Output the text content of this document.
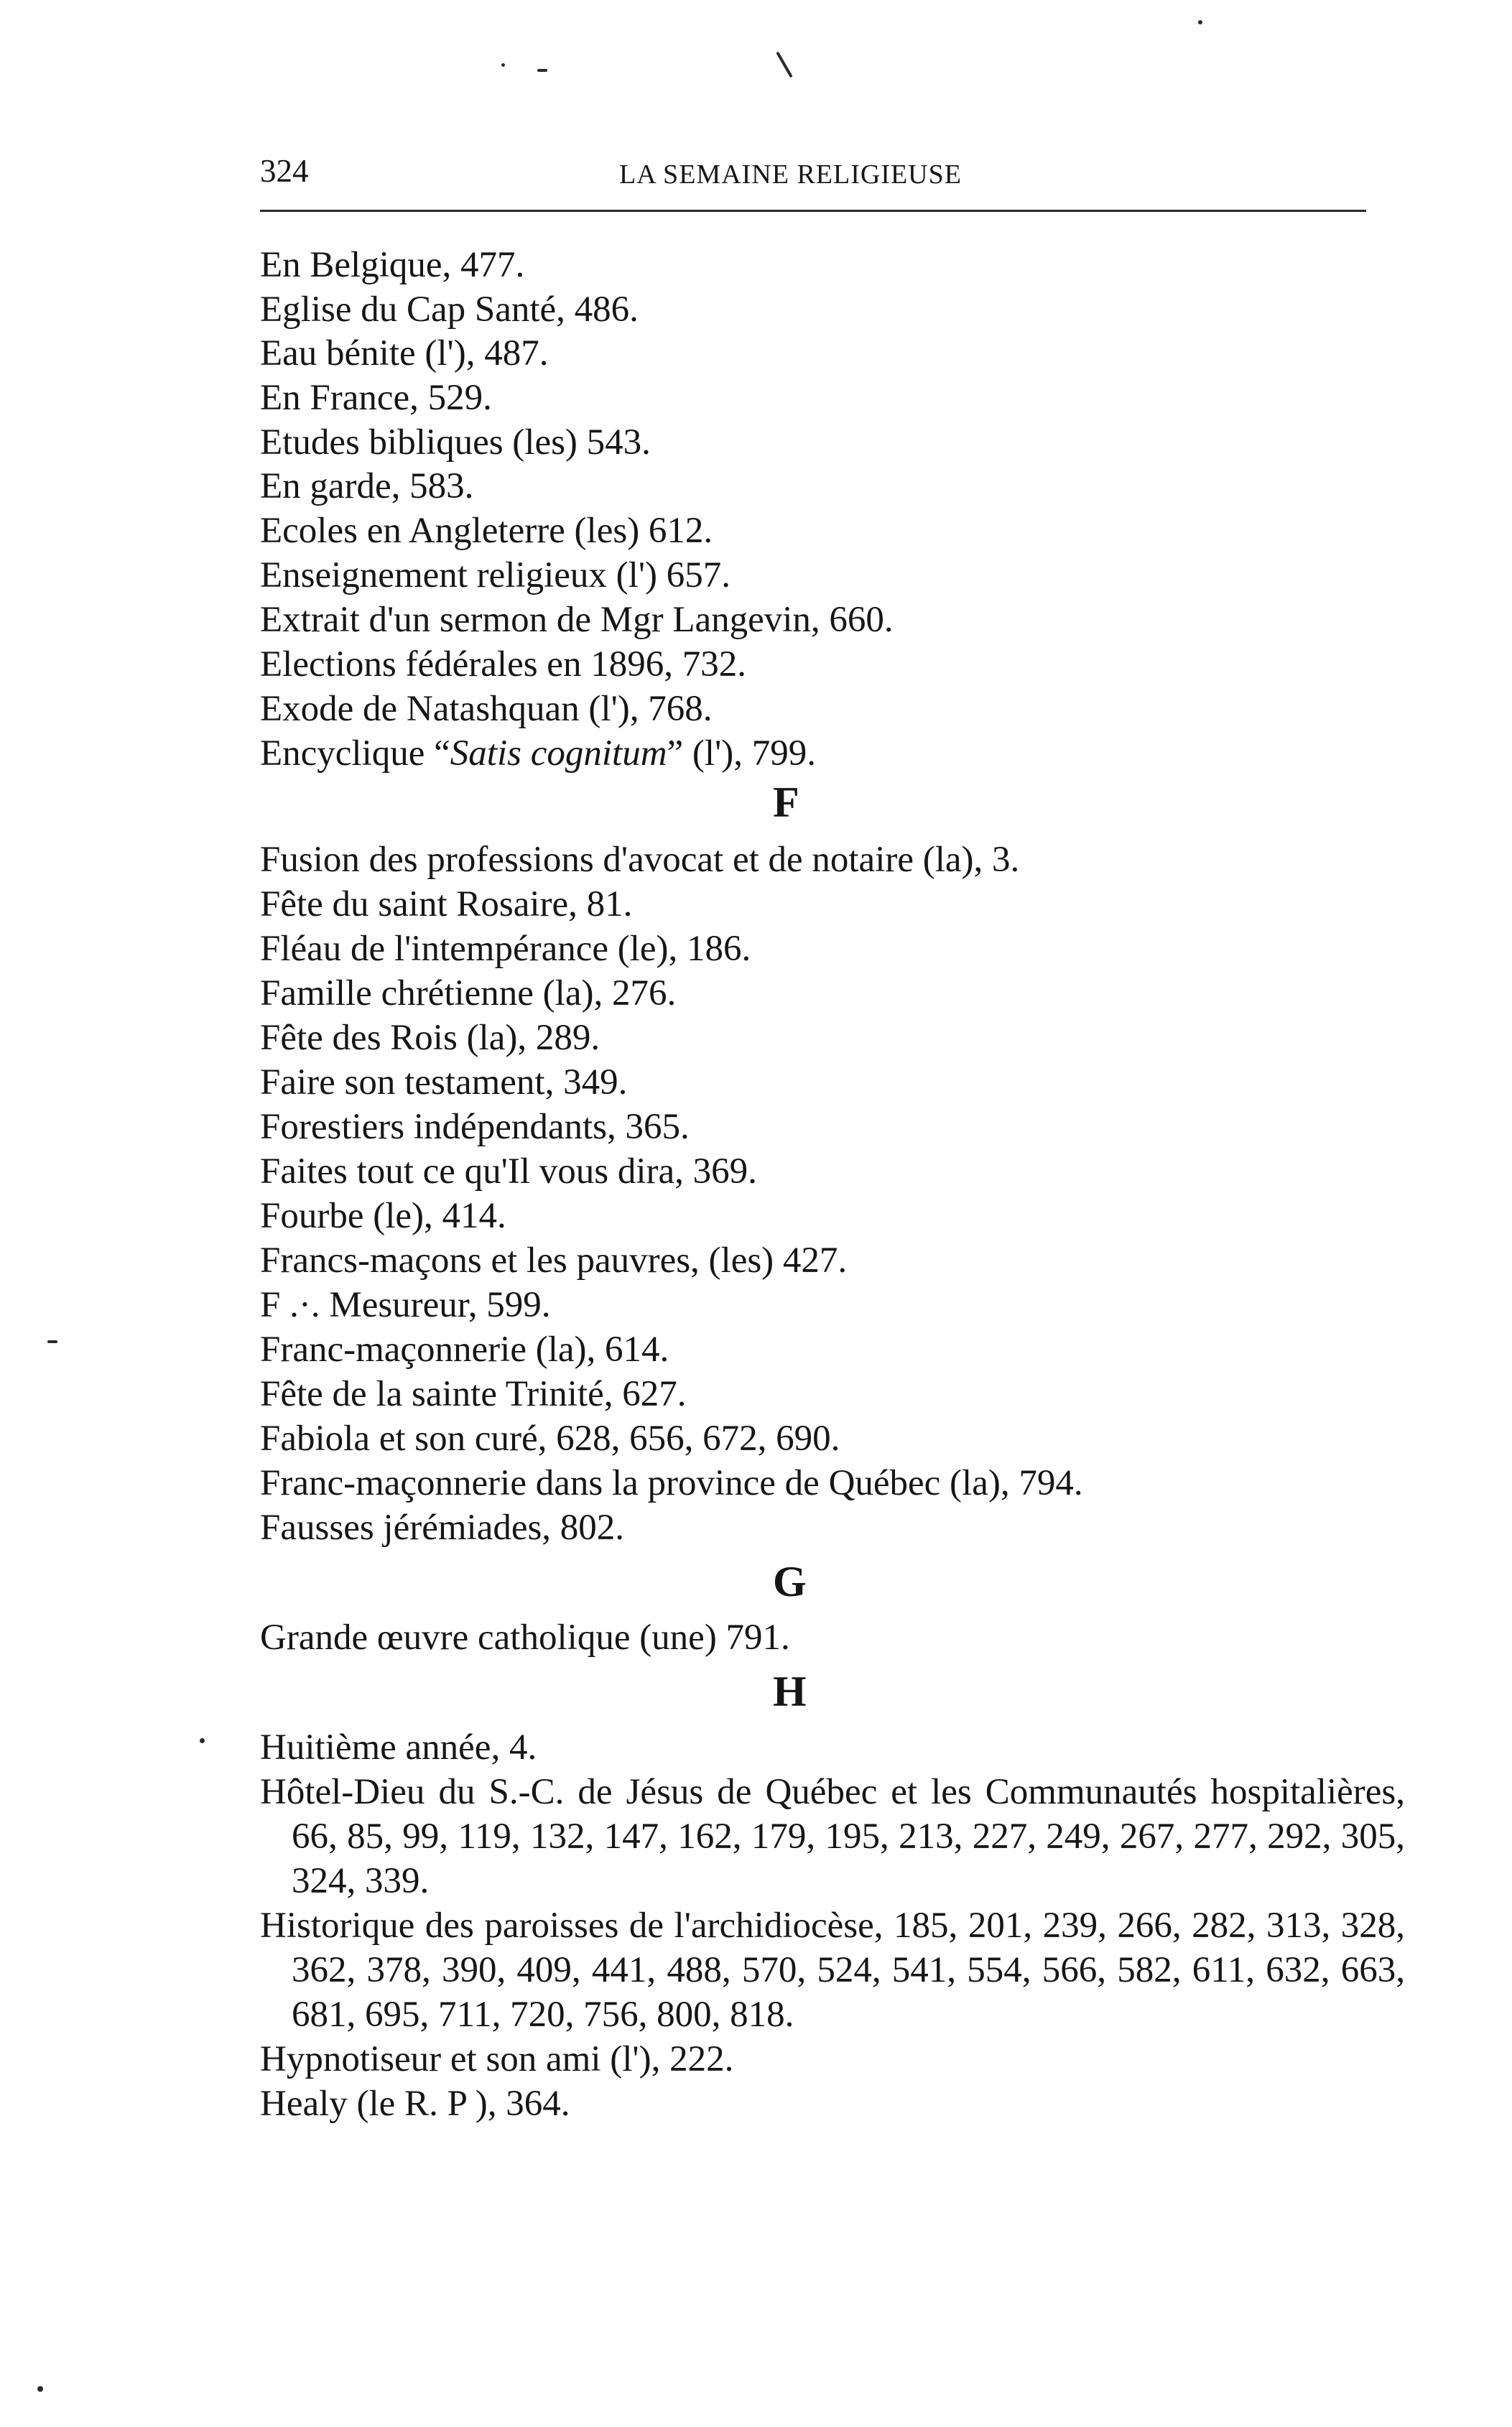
324	LA SEMAINE RELIGIEUSE
En Belgique, 477.
Eglise du Cap Santé, 486.
Eau bénite (l'), 487.
En France, 529.
Etudes bibliques (les) 543.
En garde, 583.
Ecoles en Angleterre (les) 612.
Enseignement religieux (l') 657.
Extrait d'un sermon de Mgr Langevin, 660.
Elections fédérales en 1896, 732.
Exode de Natashquan (l'), 768.
Encyclique “Satis cognitum” (l'), 799.
F
Fusion des professions d'avocat et de notaire (la), 3.
Fête du saint Rosaire, 81.
Fléau de l'intempérance (le), 186.
Famille chrétienne (la), 276.
Fête des Rois (la), 289.
Faire son testament, 349.
Forestiers indépendants, 365.
Faites tout ce qu'Il vous dira, 369.
Fourbe (le), 414.
Francs-maçons et les pauvres, (les) 427.
F .·. Mesureur, 599.
Franc-maçonnerie (la), 614.
Fête de la sainte Trinité, 627.
Fabiola et son curé, 628, 656, 672, 690.
Franc-maçonnerie dans la province de Québec (la), 794.
Fausses jérémiades, 802.
G
Grande œuvre catholique (une) 791.
H
Huitième année, 4.
Hôtel-Dieu du S.-C. de Jésus de Québec et les Communautés hospitalières, 66, 85, 99, 119, 132, 147, 162, 179, 195, 213, 227, 249, 267, 277, 292, 305, 324, 339.
Historique des paroisses de l'archidiocèse, 185, 201, 239, 266, 282, 313, 328, 362, 378, 390, 409, 441, 488, 570, 524, 541, 554, 566, 582, 611, 632, 663, 681, 695, 711, 720, 756, 800, 818.
Hypnotiseur et son ami (l'), 222.
Healy (le R. P ), 364.
